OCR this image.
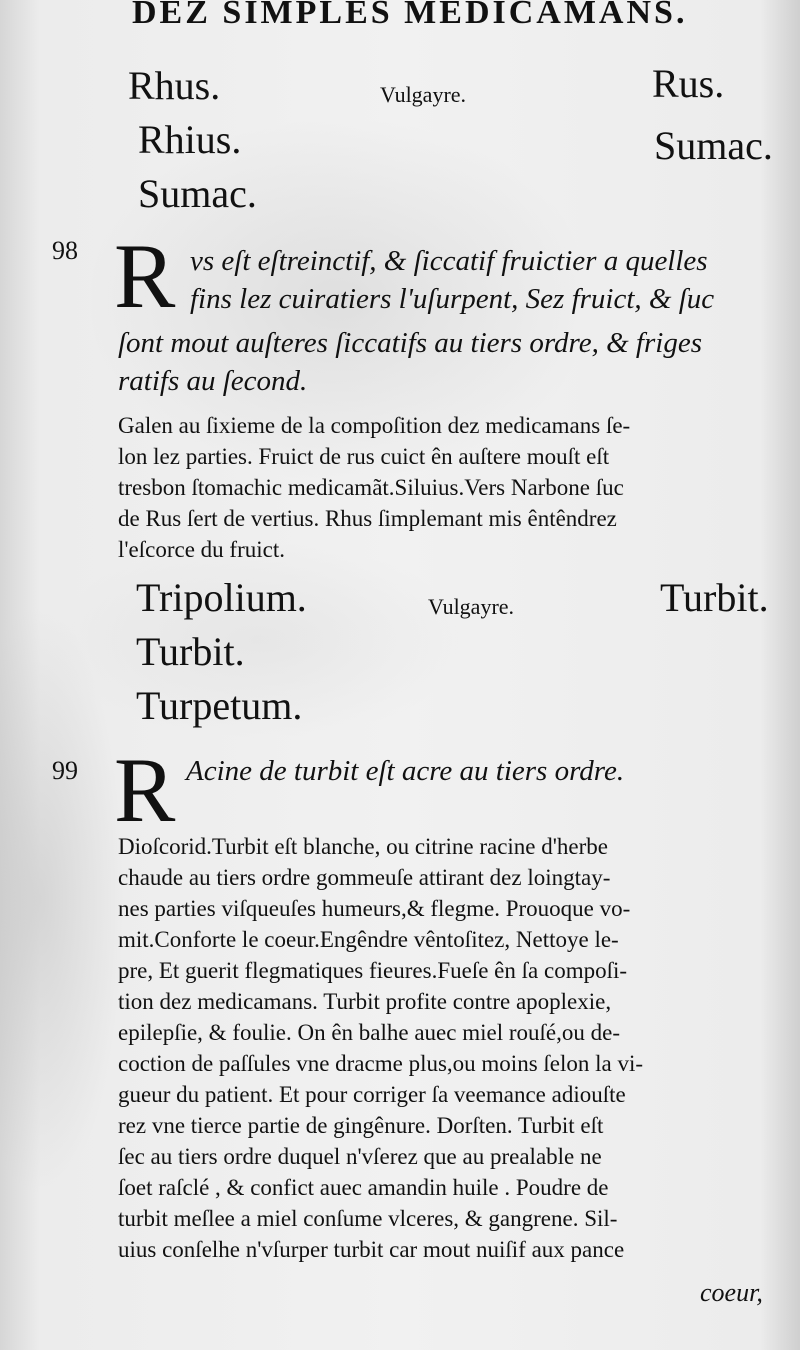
DEZ SIMPLES MEDICAMANS.
Rhus.
Rhius.
Sumac.
Vulgayre.	Rus.
Sumac.
98 R vs eſt eſtreinctif, & ſiccatif fruictier a quelles
fins lez cuiratiers l'uſurpent, Sez fruict, & ſuc
ſont mout auſteres ſiccatifs au tiers ordre, & friges
ratifs au ſecond.
Galen au ſixieme de la compoſition dez medicamans ſe-
lon lez parties. Fruict de rus cuict ên auſtere mouſt eſt
tresbon ſtomachic medicamãt.Siluius.Vers Narbone ſuc
de Rus ſert de vertius. Rhus ſimplemant mis êntêndrez
l'eſcorce du fruict.
Tripolium.
Turbit.
Turpetum.
Vulgayre.	Turbit.
99 R Acine de turbit eſt acre au tiers ordre.
Dioſcorid.Turbit eſt blanche, ou citrine racine d'herbe
chaude au tiers ordre gommeuſe attirant dez loingtay-
nes parties viſqueuſes humeurs,& flegme. Prouoque vo-
mit.Conforte le coeur.Engêndre vêntoſitez, Nettoye le-
pre, Et guerit flegmatiques fieures.Fueſe ên ſa compoſi-
tion dez medicamans. Turbit profite contre apoplexie,
epilepſie, & foulie. On ên balhe auec miel rouſé,ou de-
coction de paſſules vne dracme plus,ou moins ſelon la vi-
gueur du patient. Et pour corriger ſa veemance adiouſte
rez vne tierce partie de gingênure. Dorſten. Turbit eſt
ſec au tiers ordre duquel n'vſerez que au prealable ne
ſoet raſclé , & confict auec amandin huile . Poudre de
turbit meſlee a miel conſume vlceres, & gangrene. Sil-
uius conſelhe n'vſurper turbit car mout nuiſif aux pance
coeur,
